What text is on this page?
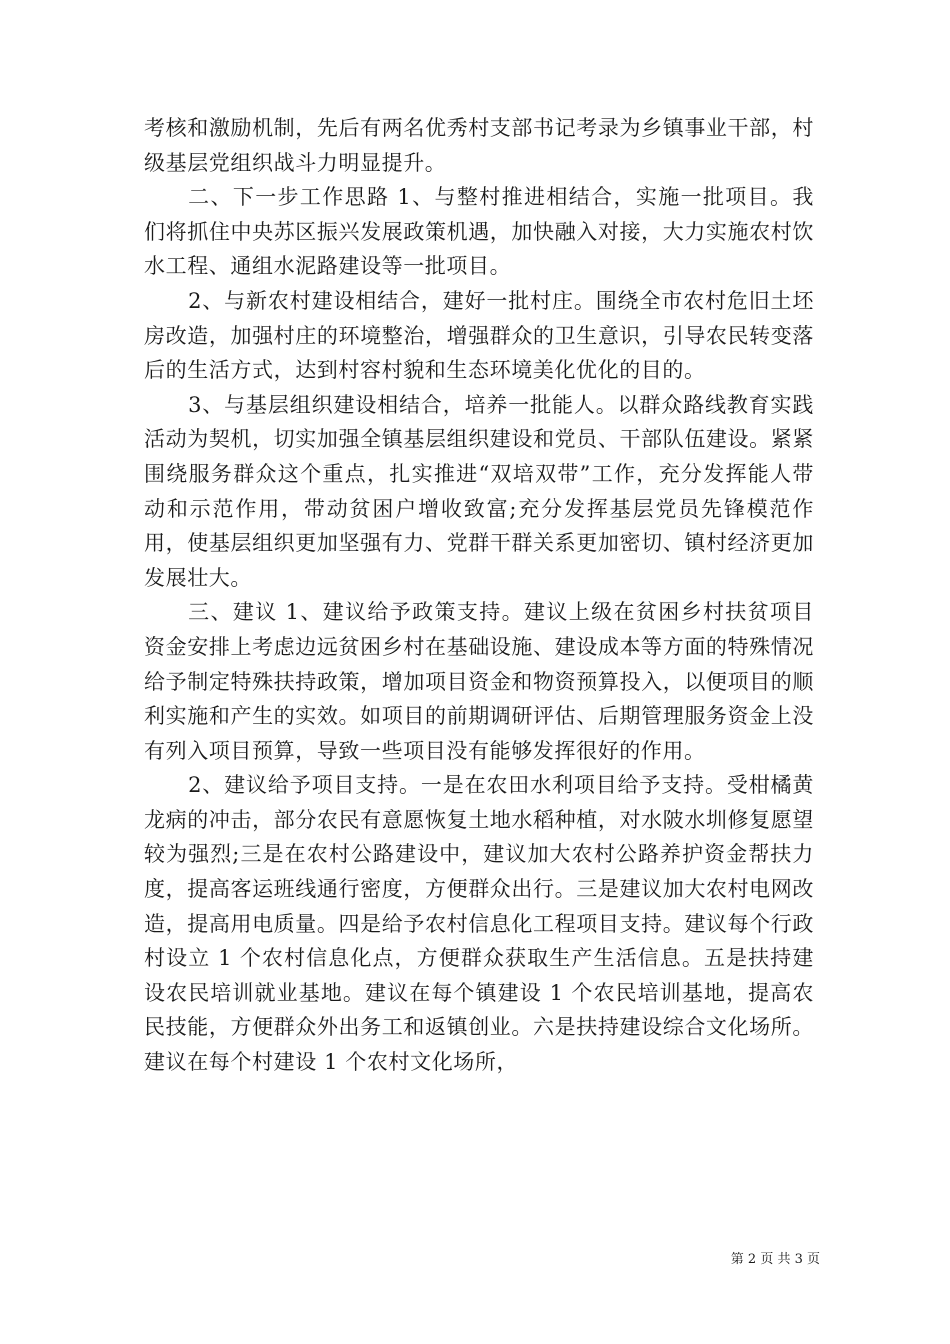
考核和激励机制，先后有两名优秀村支部书记考录为乡镇事业干部，村级基层党组织战斗力明显提升。

二、下一步工作思路 1、与整村推进相结合，实施一批项目。我们将抓住中央苏区振兴发展政策机遇，加快融入对接，大力实施农村饮水工程、通组水泥路建设等一批项目。

2、与新农村建设相结合，建好一批村庄。围绕全市农村危旧土坯房改造，加强村庄的环境整治，增强群众的卫生意识，引导农民转变落后的生活方式，达到村容村貌和生态环境美化优化的目的。

3、与基层组织建设相结合，培养一批能人。以群众路线教育实践活动为契机，切实加强全镇基层组织建设和党员、干部队伍建设。紧紧围绕服务群众这个重点，扎实推进“双培双带”工作，充分发挥能人带动和示范作用，带动贫困户增收致富;充分发挥基层党员先锋模范作用，使基层组织更加坚强有力、党群干群关系更加密切、镇村经济更加发展壮大。

三、建议 1、建议给予政策支持。建议上级在贫困乡村扶贫项目资金安排上考虑边远贫困乡村在基础设施、建设成本等方面的特殊情况给予制定特殊扶持政策，增加项目资金和物资预算投入，以便项目的顺利实施和产生的实效。如项目的前期调研评估、后期管理服务资金上没有列入项目预算，导致一些项目没有能够发挥很好的作用。

2、建议给予项目支持。一是在农田水利项目给予支持。受柑橘黄龙病的冲击，部分农民有意愿恢复土地水稻种植，对水陂水圳修复愿望较为强烈;三是在农村公路建设中，建议加大农村公路养护资金帮扶力度，提高客运班线通行密度，方便群众出行。三是建议加大农村电网改造，提高用电质量。四是给予农村信息化工程项目支持。建议每个行政村设立 1 个农村信息化点，方便群众获取生产生活信息。五是扶持建设农民培训就业基地。建议在每个镇建设 1 个农民培训基地，提高农民技能，方便群众外出务工和返镇创业。六是扶持建设综合文化场所。建议在每个村建设 1 个农村文化场所，

第 2 页 共 3 页
